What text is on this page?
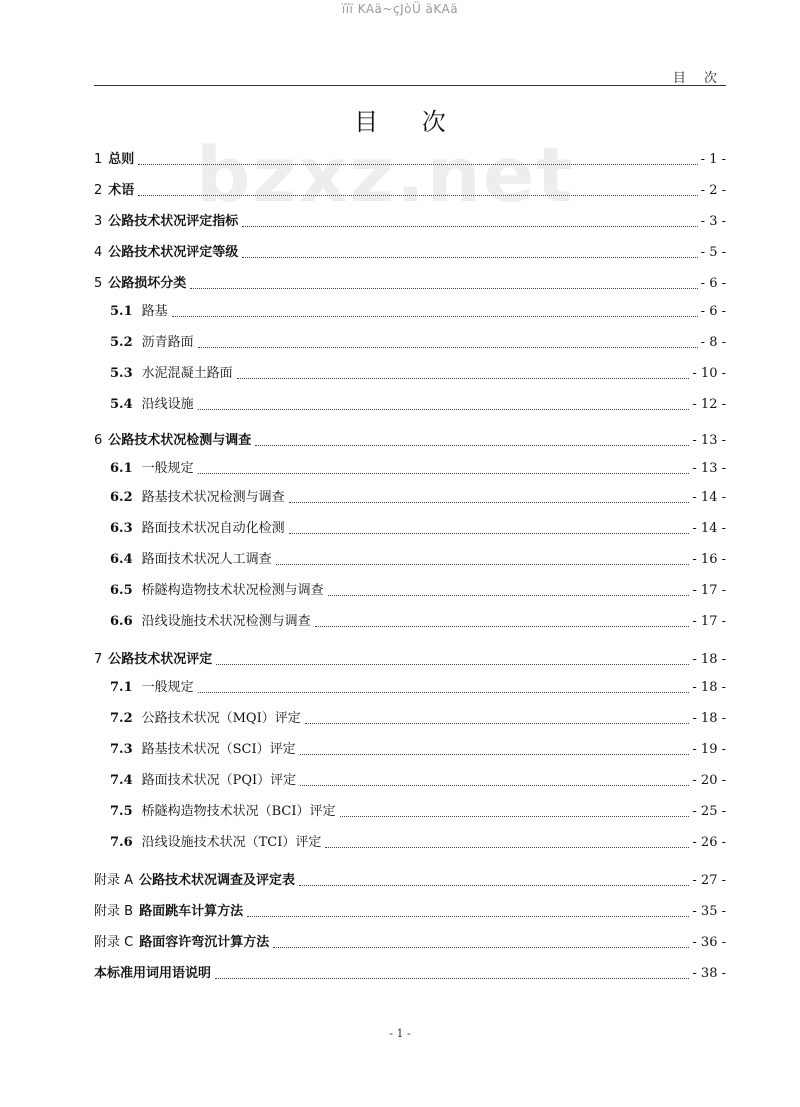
ïïï KAä~çJòÜ äKAä
目 次
目 次
bzxz.net
1 总则	- 1 -
2 术语	- 2 -
3 公路技术状况评定指标	- 3 -
4 公路技术状况评定等级	- 5 -
5 公路损坏分类	- 6 -
5.1 路基	- 6 -
5.2 沥青路面	- 8 -
5.3 水泥混凝土路面	- 10 -
5.4 沿线设施	- 12 -
6 公路技术状况检测与调查	- 13 -
6.1 一般规定	- 13 -
6.2 路基技术状况检测与调查	- 14 -
6.3 路面技术状况自动化检测	- 14 -
6.4 路面技术状况人工调查	- 16 -
6.5 桥隧构造物技术状况检测与调查	- 17 -
6.6 沿线设施技术状况检测与调查	- 17 -
7 公路技术状况评定	- 18 -
7.1 一般规定	- 18 -
7.2 公路技术状况（MQI）评定	- 18 -
7.3 路基技术状况（SCI）评定	- 19 -
7.4 路面技术状况（PQI）评定	- 20 -
7.5 桥隧构造物技术状况（BCI）评定	- 25 -
7.6 沿线设施技术状况（TCI）评定	- 26 -
附录 A 公路技术状况调查及评定表	- 27 -
附录 B 路面跳车计算方法	- 35 -
附录 C 路面容许弯沉计算方法	- 36 -
本标准用词用语说明	- 38 -
- 1 -
